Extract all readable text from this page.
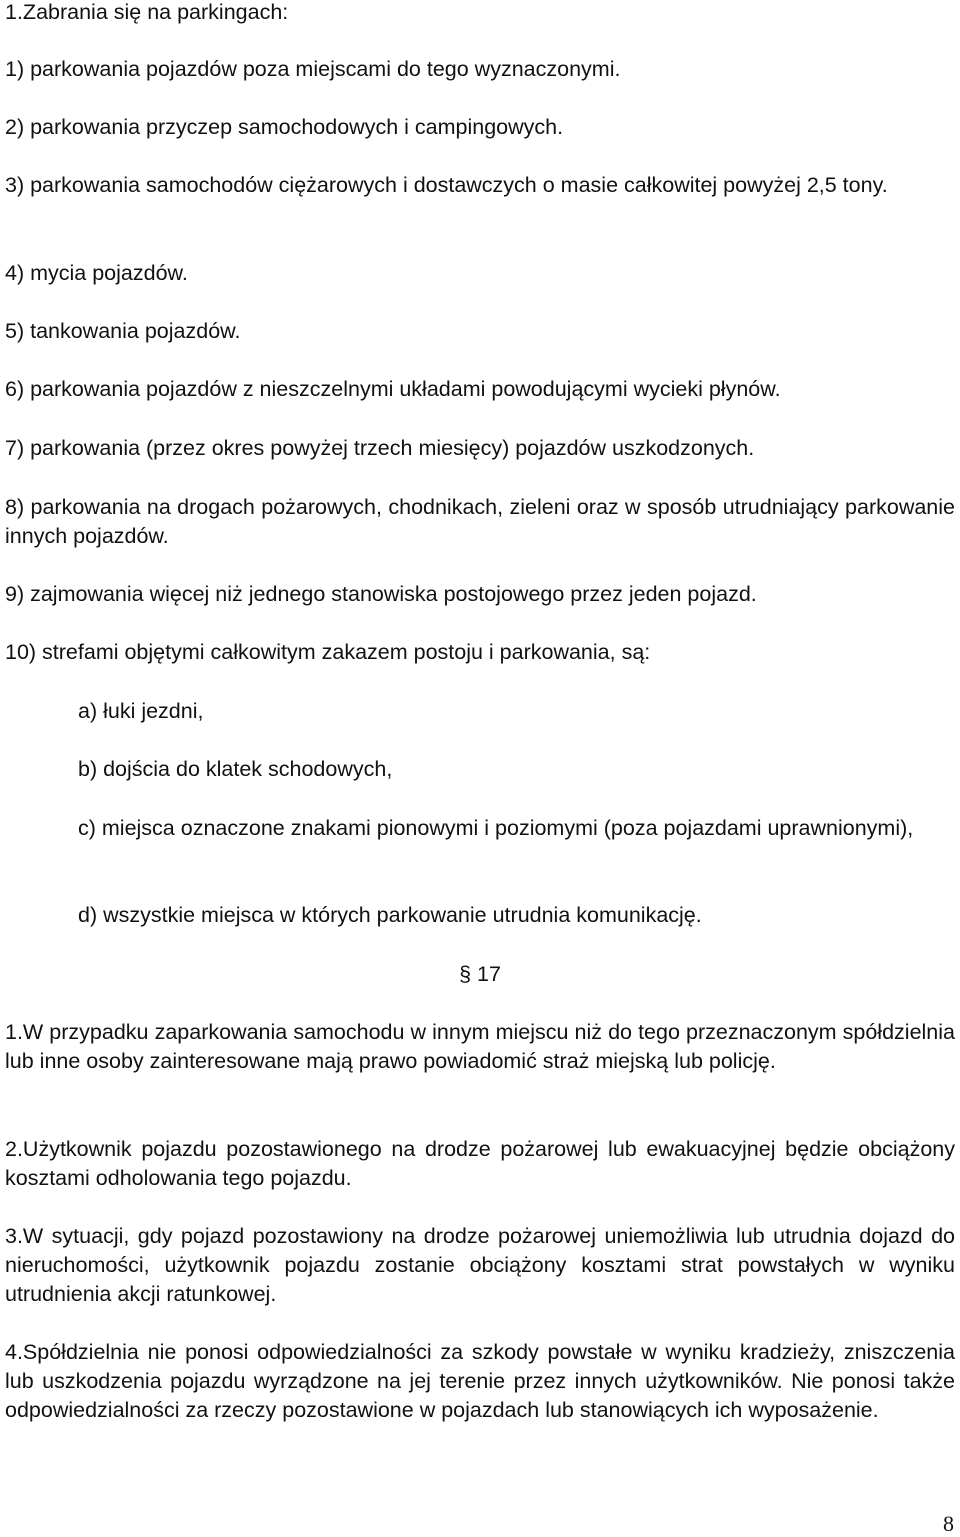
1.Zabrania się na parkingach:
1) parkowania pojazdów poza miejscami do tego wyznaczonymi.
2) parkowania przyczep samochodowych i campingowych.
3) parkowania samochodów ciężarowych i dostawczych o masie całkowitej powyżej 2,5 tony.
4) mycia pojazdów.
5) tankowania pojazdów.
6) parkowania pojazdów z nieszczelnymi układami powodującymi wycieki płynów.
7) parkowania (przez okres powyżej trzech miesięcy) pojazdów uszkodzonych.
8) parkowania na drogach pożarowych, chodnikach, zieleni oraz w sposób utrudniający parkowanie innych pojazdów.
9) zajmowania więcej niż jednego stanowiska postojowego przez jeden pojazd.
10) strefami objętymi całkowitym zakazem postoju i parkowania, są:
a) łuki jezdni,
b) dojścia do klatek schodowych,
c) miejsca oznaczone znakami pionowymi i poziomymi (poza pojazdami uprawnionymi),
d) wszystkie miejsca w których parkowanie utrudnia komunikację.
§ 17
1.W przypadku zaparkowania samochodu w innym miejscu niż do tego przeznaczonym spółdzielnia lub inne osoby zainteresowane mają prawo powiadomić straż miejską lub policję.
2.Użytkownik pojazdu pozostawionego na drodze pożarowej lub ewakuacyjnej będzie obciążony kosztami odholowania tego pojazdu.
3.W sytuacji, gdy pojazd pozostawiony na drodze pożarowej uniemożliwia lub utrudnia dojazd do nieruchomości, użytkownik pojazdu zostanie obciążony kosztami strat powstałych w wyniku utrudnienia akcji ratunkowej.
4.Spółdzielnia nie ponosi odpowiedzialności za szkody powstałe w wyniku kradzieży, zniszczenia lub uszkodzenia pojazdu wyrządzone na jej terenie przez innych użytkowników. Nie ponosi także odpowiedzialności za rzeczy pozostawione w pojazdach lub stanowiących ich wyposażenie.
8
